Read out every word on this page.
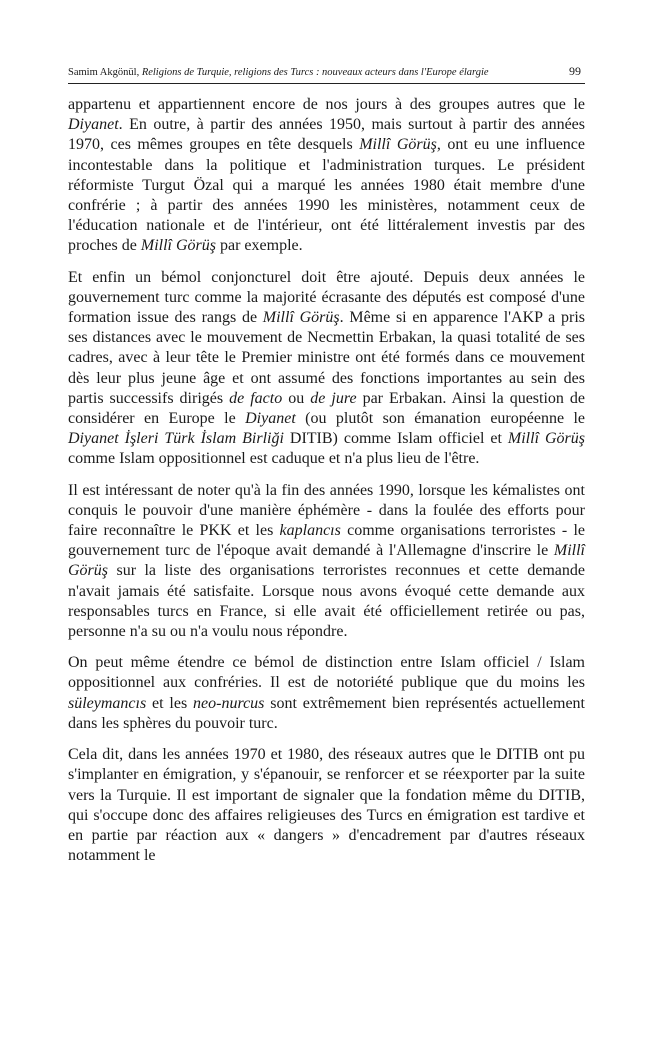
Samim Akgönül, Religions de Turquie, religions des Turcs : nouveaux acteurs dans l'Europe élargie	99

appartenu et appartiennent encore de nos jours à des groupes autres que le Diyanet. En outre, à partir des années 1950, mais surtout à partir des années 1970, ces mêmes groupes en tête desquels Millî Görüş, ont eu une influence incontestable dans la politique et l'administration turques. Le président réformiste Turgut Özal qui a marqué les années 1980 était membre d'une confrérie ; à partir des années 1990 les ministères, notamment ceux de l'éducation nationale et de l'intérieur, ont été littéralement investis par des proches de Millî Görüş par exemple.

Et enfin un bémol conjoncturel doit être ajouté. Depuis deux années le gouvernement turc comme la majorité écrasante des députés est composé d'une formation issue des rangs de Millî Görüş. Même si en apparence l'AKP a pris ses distances avec le mouvement de Necmettin Erbakan, la quasi totalité de ses cadres, avec à leur tête le Premier ministre ont été formés dans ce mouvement dès leur plus jeune âge et ont assumé des fonctions importantes au sein des partis successifs dirigés de facto ou de jure par Erbakan. Ainsi la question de considérer en Europe le Diyanet (ou plutôt son émanation européenne le Diyanet İşleri Türk İslam Birliği DITIB) comme Islam officiel et Millî Görüş comme Islam oppositionnel est caduque et n'a plus lieu de l'être.

Il est intéressant de noter qu'à la fin des années 1990, lorsque les kémalistes ont conquis le pouvoir d'une manière éphémère - dans la foulée des efforts pour faire reconnaître le PKK et les kaplancıs comme organisations terroristes - le gouvernement turc de l'époque avait demandé à l'Allemagne d'inscrire le Millî Görüş sur la liste des organisations terroristes reconnues et cette demande n'avait jamais été satisfaite. Lorsque nous avons évoqué cette demande aux responsables turcs en France, si elle avait été officiellement retirée ou pas, personne n'a su ou n'a voulu nous répondre.

On peut même étendre ce bémol de distinction entre Islam officiel / Islam oppositionnel aux confréries. Il est de notoriété publique que du moins les süleymancıs et les neo-nurcus sont extrêmement bien représentés actuellement dans les sphères du pouvoir turc.

Cela dit, dans les années 1970 et 1980, des réseaux autres que le DITIB ont pu s'implanter en émigration, y s'épanouir, se renforcer et se réexporter par la suite vers la Turquie. Il est important de signaler que la fondation même du DITIB, qui s'occupe donc des affaires religieuses des Turcs en émigration est tardive et en partie par réaction aux « dangers » d'encadrement par d'autres réseaux notamment le
